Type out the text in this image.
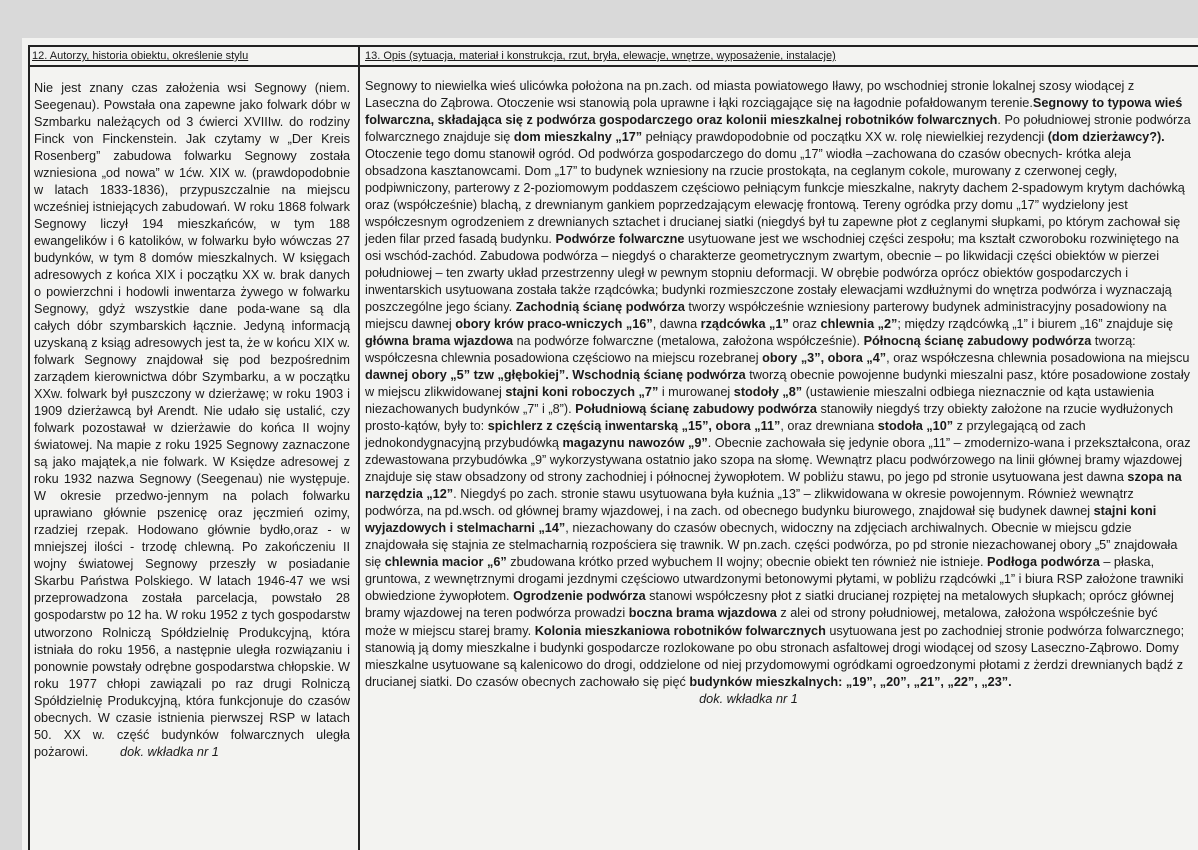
12. Autorzy, historia obiektu, określenie stylu	13. Opis (sytuacja, materiał i konstrukcja, rzut, bryła, elewacje, wnętrze, wyposażenie, instalacje)
Nie jest znany czas założenia wsi Segnowy (niem. Seegenau). Powstała ona zapewne jako folwark dóbr w Szmbarku należących od 3 ćwierci XVIIIw. do rodziny Finck von Finckenstein. Jak czytamy w „Der Kreis Rosenberg” zabudowa folwarku Segnowy została wzniesiona „od nowa” w 1ćw. XIX w. (prawdopodobnie w latach 1833-1836), przypuszczalnie na miejscu wcześniej istniejących zabudowań. W roku 1868 folwark Segnowy liczył 194 mieszkańców, w tym 188 ewangelików i 6 katolików, w folwarku było wówczas 27 budynków, w tym 8 domów mieszkalnych. W księgach adresowych z końca XIX i początku XX w. brak danych o powierzchni i hodowli inwentarza żywego w folwarku Segnowy, gdyż wszystkie dane poda-wane są dla całych dóbr szymbarskich łącznie. Jedyną informacją uzyskaną z ksiąg adresowych jest ta, że w końcu XIX w. folwark Segnowy znajdował się pod bezpośrednim zarządem kierownictwa dóbr Szymbarku, a w początku XXw. folwark był puszczony w dzierżawę; w roku 1903 i 1909 dzierżawcą był Arendt. Nie udało się ustalić, czy folwark pozostawał w dzierżawie do końca II wojny światowej. Na mapie z roku 1925 Segnowy zaznaczone są jako majątek,a nie folwark. W Księdze adresowej z roku 1932 nazwa Segnowy (Seegenau) nie występuje. W okresie przedwo-jennym na polach folwarku uprawiano głównie pszenicę oraz jęczmień ozimy, rzadziej rzepak. Hodowano głównie bydło,oraz - w mniejszej ilości - trzodę chlewną. Po zakończeniu II wojny światowej Segnowy przeszły w posiadanie Skarbu Państwa Polskiego. W latach 1946-47 we wsi przeprowadzona została parcelacja, powstało 28 gospodarstw po 12 ha. W roku 1952 z tych gospodarstw utworzono Rolniczą Spółdzielnię Produkcyjną, która istniała do roku 1956, a następnie uległa rozwiązaniu i ponownie powstały odrębne gospodarstwa chłopskie. W roku 1977 chłopi zawiązali po raz drugi Rolniczą Spółdzielnię Produkcyjną, która funkcjonuje do czasów obecnych. W czasie istnienia pierwszej RSP w latach 50. XX w. część budynków folwarcznych uległa pożarowi. dok. wkładka nr 1
Segnowy to niewielka wieś ulicówka położona na pn.zach. od miasta powiatowego Iławy, po wschodniej stronie lokalnej szosy wiodącej z Laseczna do Ząbrowa. Otoczenie wsi stanowią pola uprawne i łąki rozciągające się na łagodnie pofałdowanym terenie.Segnowy to typowa wieś folwarczna, składająca się z podwórza gospodarczego oraz kolonii mieszkalnej robotników folwarcznych. Po południowej stronie podwórza folwarcznego znajduje się dom mieszkalny „17” pełniący prawdopodobnie od początku XX w. rolę niewielkiej rezydencji (dom dzierżawcy?). Otoczenie tego domu stanowił ogród. Od podwórza gospodarczego do domu „17” wiodła –zachowana do czasów obecnych- krótka aleja obsadzona kasztanowcami. Dom „17” to budynek wzniesiony na rzucie prostokąta, na ceglanym cokole, murowany z czerwonej cegły, podpiwniczony, parterowy z 2-poziomowym poddaszem częściowo pełniącym funkcje mieszkalne, nakryty dachem 2-spadowym krytym dachówką oraz (współcześnie) blachą, z drewnianym gankiem poprzedzającym elewację frontową. Tereny ogródka przy domu „17” wydzielony jest współczesnym ogrodzeniem z drewnianych sztachet i drucianej siatki (niegdyś był tu zapewne płot z ceglanymi słupkami, po którym zachował się jeden filar przed fasadą budynku. Podwórze folwarczne usytuowane jest we wschodniej części zespołu; ma kształt czworoboku rozwiniętego na osi wschód-zachód. Zabudowa podwórza – niegdyś o charakterze geometrycznym zwartym, obecnie – po likwidacji części obiektów w pierzei południowej – ten zwarty układ przestrzenny uległ w pewnym stopniu deformacji. W obrębie podwórza oprócz obiektów gospodarczych i inwentarskich usytuowana została także rządcówka; budynki rozmieszczone zostały elewacjami wzdłużnymi do wnętrza podwórza i wyznaczają poszczególne jego ściany. Zachodnią ścianę podwórza tworzy współcześnie wzniesiony parterowy budynek administracyjny posadowiony na miejscu dawnej obory krów praco-wniczych „16”, dawna rządcówka „1” oraz chlewnia „2”; między rządcówką „1” i biurem „16” znajduje się główna brama wjazdowa na podwórze folwarczne (metalowa, założona współcześnie). Północną ścianę zabudowy podwórza tworzą: współczesna chlewnia posadowiona częściowo na miejscu rozebranej obory „3”, obora „4”, oraz współczesna chlewnia posadowiona na miejscu dawnej obory „5” tzw „głębokiej”. Wschodnią ścianę podwórza tworzą obecnie powojenne budynki mieszalni pasz, które posadowione zostały w miejscu zlikwidowanej stajni koni roboczych „7” i murowanej stodoły „8” (ustawienie mieszalni odbiega nieznacznie od kąta ustawienia niezachowanych budynków „7” i „8”). Południową ścianę zabudowy podwórza stanowiły niegdyś trzy obiekty założone na rzucie wydłużonych prosto-kątów, były to: spichlerz z częścią inwentarską „15”, obora „11”, oraz drewniana stodoła „10” z przylegającą od zach jednokondygnacyjną przybudówką magazynu nawozów „9”. Obecnie zachowała się jedynie obora „11” – zmodernizo-wana i przekształcona, oraz zdewastowana przybudówka „9” wykorzystywana ostatnio jako szopa na słomę. Wewnątrz placu podwórzowego na linii głównej bramy wjazdowej znajduje się staw obsadzony od strony zachodniej i północnej żywopłotem. W pobliżu stawu, po jego pd stronie usytuowana jest dawna szopa na narzędzia „12”. Niegdyś po zach. stronie stawu usytuowana była kuźnia „13” – zlikwidowana w okresie powojennym. Również wewnątrz podwórza, na pd.wsch. od głównej bramy wjazdowej, i na zach. od obecnego budynku biurowego, znajdował się budynek dawnej stajni koni wyjazdowych i stelmacharni „14”, niezachowany do czasów obecnych, widoczny na zdjęciach archiwalnych. Obecnie w miejscu gdzie znajdowała się stajnia ze stelmacharnią rozpościera się trawnik. W pn.zach. części podwórza, po pd stronie niezachowanej obory „5” znajdowała się chlewnia macior „6” zbudowana krótko przed wybuchem II wojny; obecnie obiekt ten również nie istnieje. Podłoga podwórza – płaska, gruntowa, z wewnętrznymi drogami jezdnymi częściowo utwardzonymi betonowymi płytami, w pobliżu rządcówki „1” i biura RSP założone trawniki obwiedzione żywopłotem. Ogrodzenie podwórza stanowi współczesny płot z siatki drucianej rozpiętej na metalowych słupkach; oprócz głównej bramy wjazdowej na teren podwórza prowadzi boczna brama wjazdowa z alei od strony południowej, metalowa, założona współcześnie być może w miejscu starej bramy. Kolonia mieszkaniowa robotników folwarcznych usytuowana jest po zachodniej stronie podwórza folwarcznego; stanowią ją domy mieszkalne i budynki gospodarcze rozlokowane po obu stronach asfaltowej drogi wiodącej od szosy Laseczno-Ząbrowo. Domy mieszkalne usytuowane są kalenicowo do drogi, oddzielone od niej przydomowymi ogródkami ogroedzonymi płotami z żerdzi drewnianych bądź z drucianej siatki. Do czasów obecnych zachowało się pięć budynków mieszkalnych: „19”, „20”, „21”, „22”, „23”.
dok. wkładka nr 1
